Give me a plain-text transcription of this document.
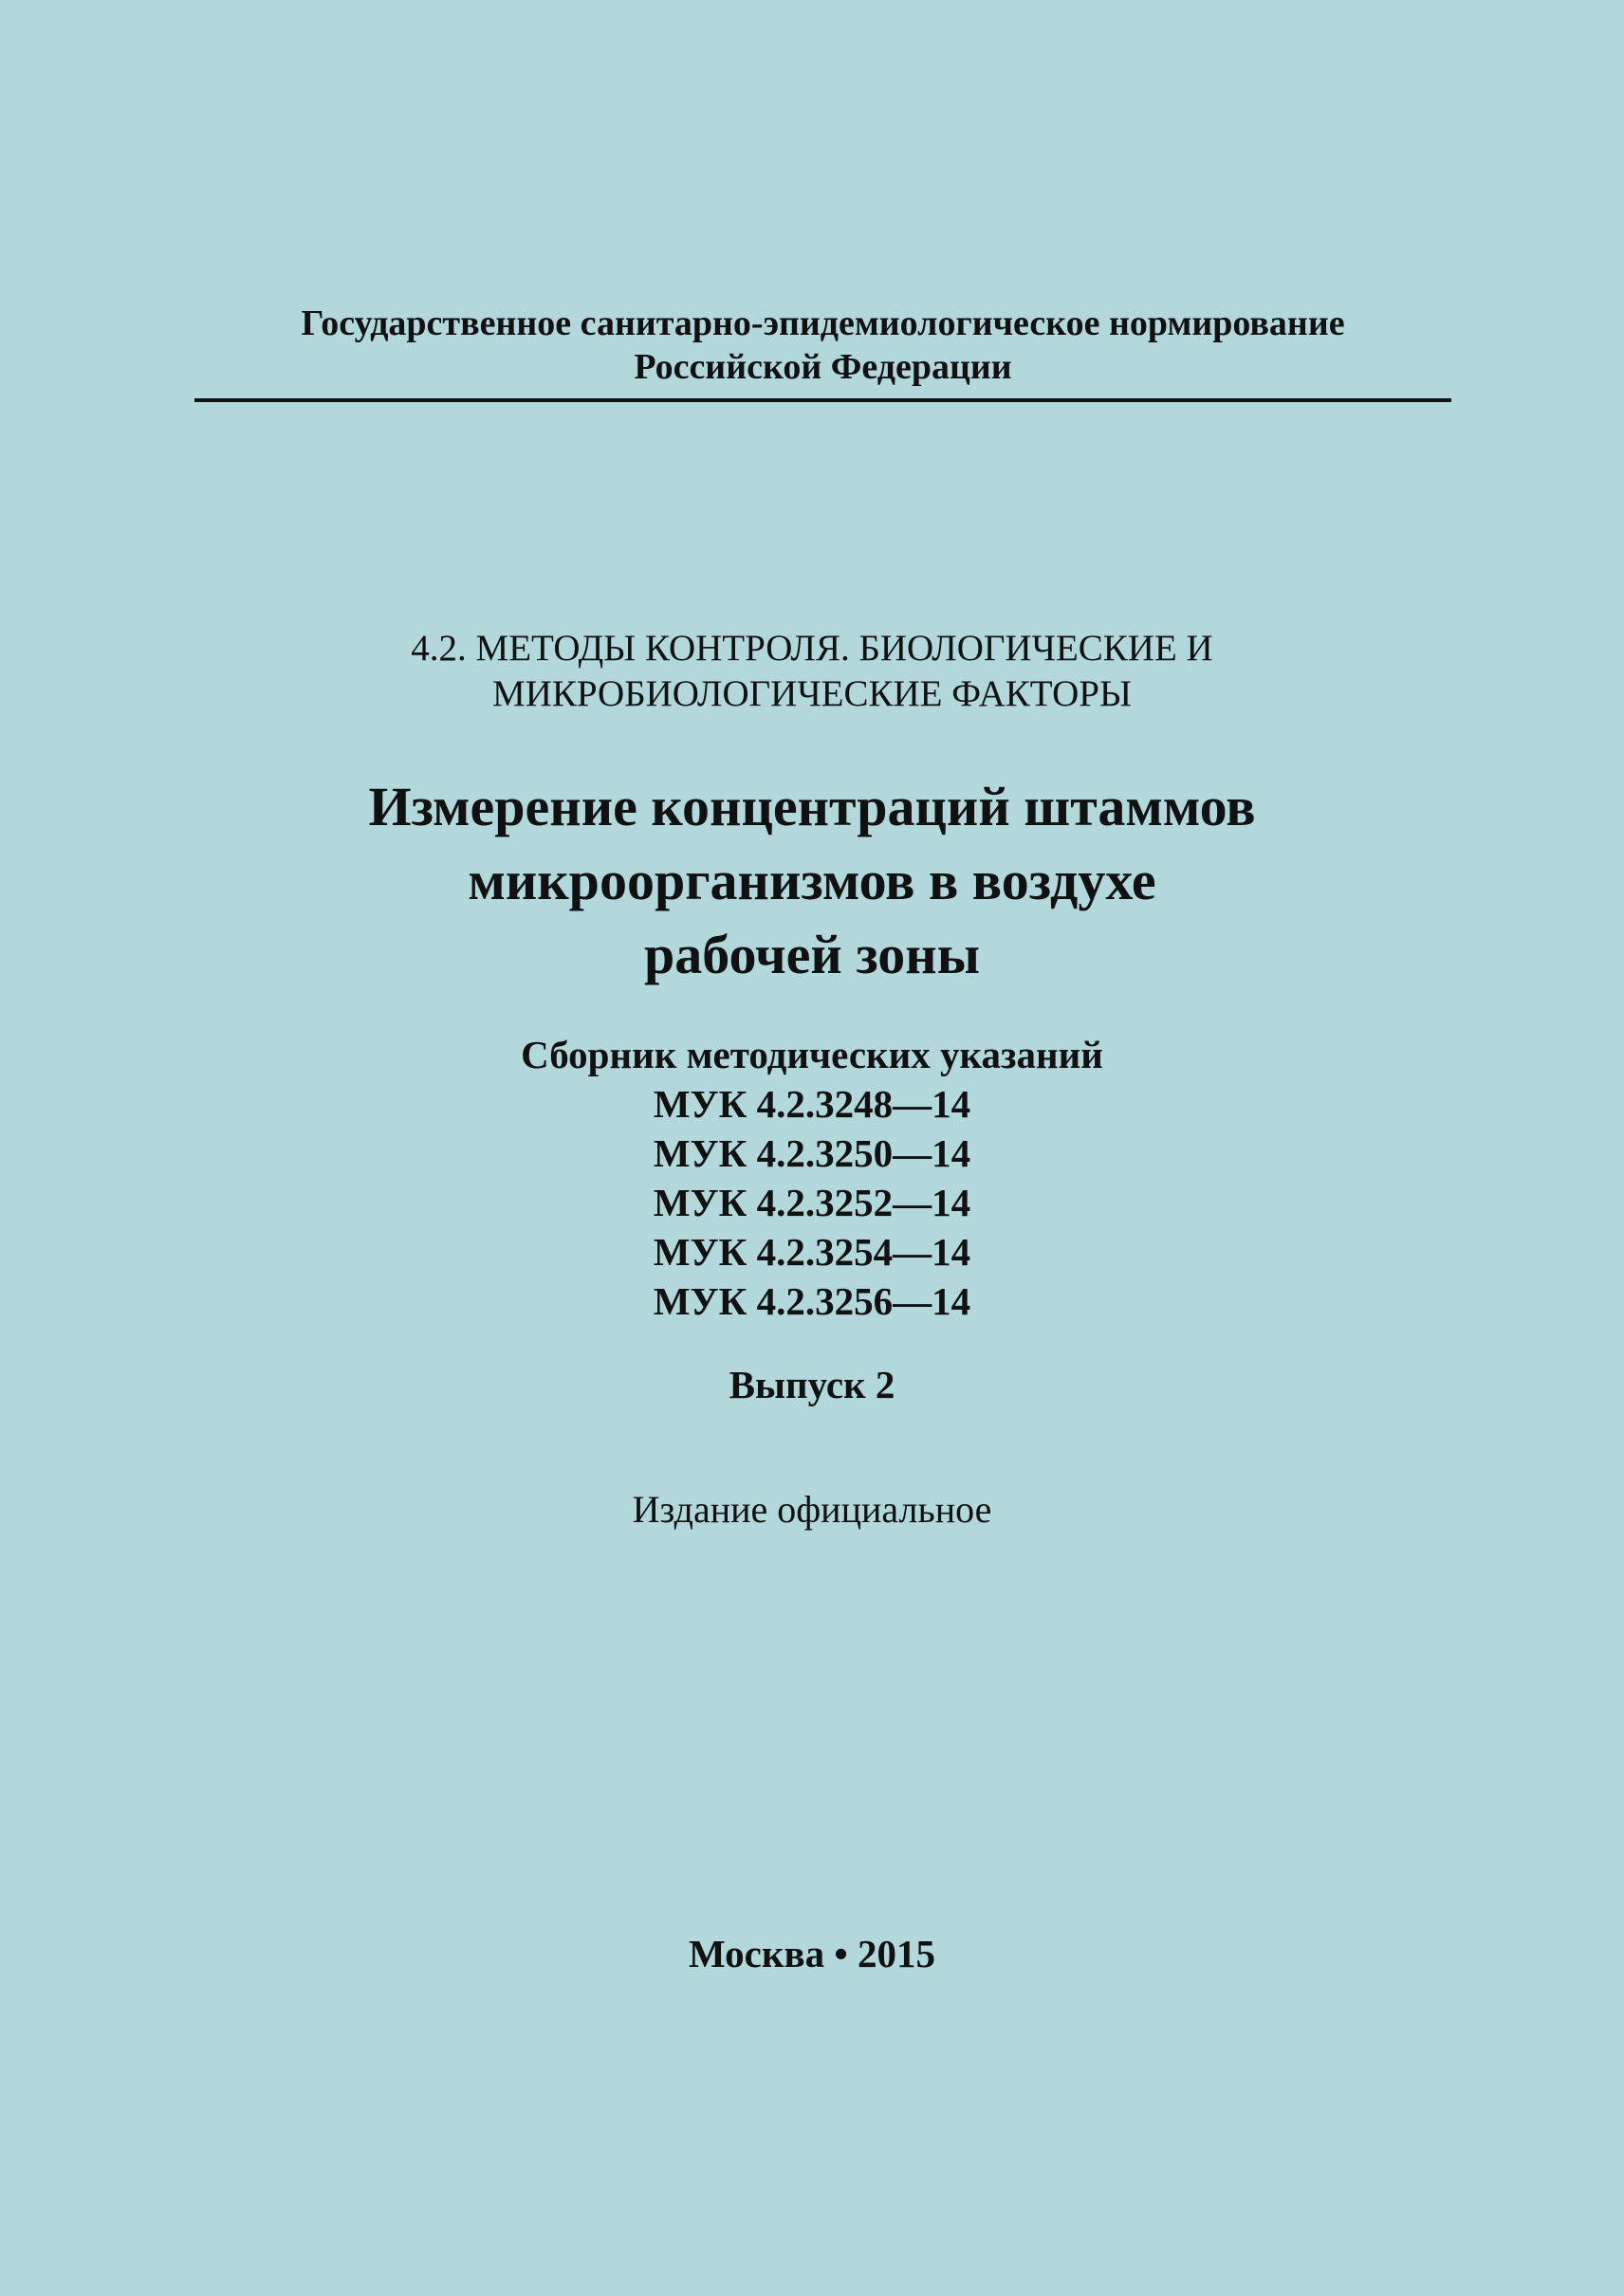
Государственное санитарно-эпидемиологическое нормирование
Российской Федерации
4.2. МЕТОДЫ КОНТРОЛЯ. БИОЛОГИЧЕСКИЕ И
МИКРОБИОЛОГИЧЕСКИЕ ФАКТОРЫ
Измерение концентраций штаммов
микроорганизмов в воздухе
рабочей зоны
Сборник методических указаний
МУК 4.2.3248—14
МУК 4.2.3250—14
МУК 4.2.3252—14
МУК 4.2.3254—14
МУК 4.2.3256—14
Выпуск 2
Издание официальное
Москва • 2015
